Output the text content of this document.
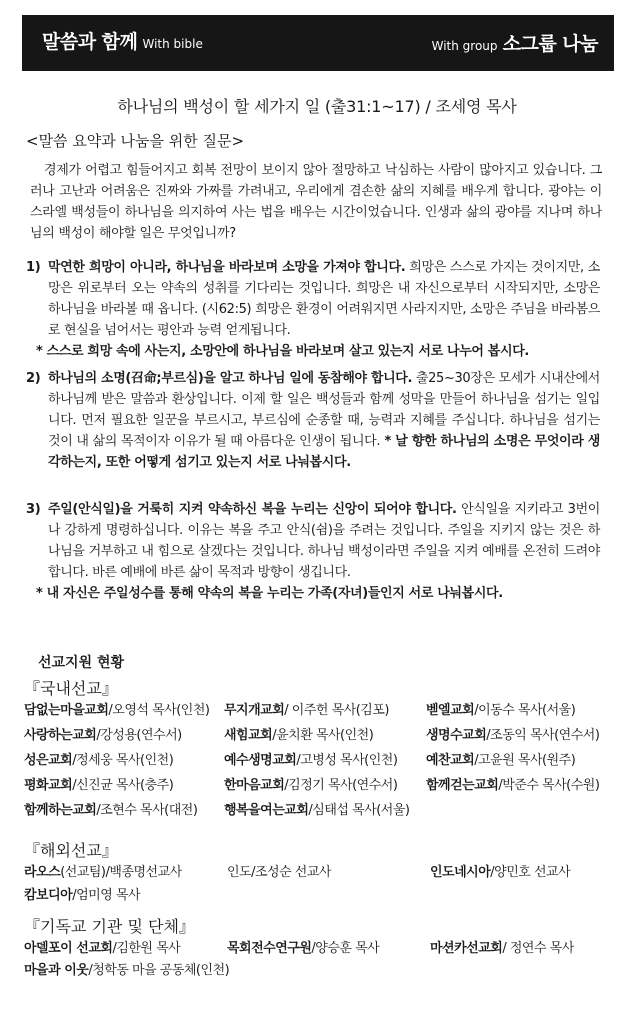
말씀과 함께 With bible	With group 소그룹 나눔
하나님의 백성이 할 세가지 일 (출31:1~17) / 조세영 목사
<말씀 요약과 나눔을 위한 질문>

경제가 어렵고 힘들어지고 회복 전망이 보이지 않아 절망하고 낙심하는 사람이 많아지고 있습니다. 그러나 고난과 어려움은 진짜와 가짜를 가려내고, 우리에게 겸손한 삶의 지혜를 배우게 합니다. 광야는 이스라엘 백성들이 하나님을 의지하여 사는 법을 배우는 시간이었습니다. 인생과 삶의 광야를 지나며 하나님의 백성이 해야할 일은 무엇입니까?

1) 막연한 희망이 아니라, 하나님을 바라보며 소망을 가져야 합니다. 희망은 스스로 가지는 것이지만, 소망은 위로부터 오는 약속의 성취를 기다리는 것입니다. 희망은 내 자신으로부터 시작되지만, 소망은 하나님을 바라볼 때 옵니다. (시62:5) 희망은 환경이 어려워지면 사라지지만, 소망은 주님을 바라봄으로 현실을 넘어서는 평안과 능력 얻게됩니다.
* 스스로 희망 속에 사는지, 소망안에 하나님을 바라보며 살고 있는지 서로 나누어 봅시다.
2) 하나님의 소명(召命;부르심)을 알고 하나님 일에 동참해야 합니다. 출25~30장은 모세가 시내산에서 하나님께 받은 말씀과 환상입니다. 이제 할 일은 백성들과 함께 성막을 만들어 하나님을 섬기는 일입니다. 먼저 필요한 일꾼을 부르시고, 부르심에 순종할 때, 능력과 지혜를 주십니다. 하나님을 섬기는 것이 내 삶의 목적이자 이유가 될 때 아름다운 인생이 됩니다. * 날 향한 하나님의 소명은 무엇이라 생각하는지, 또한 어떻게 섬기고 있는지 서로 나눠봅시다.
3) 주일(안식일)을 거룩히 지켜 약속하신 복을 누리는 신앙이 되어야 합니다. 안식일을 지키라고 3번이나 강하게 명령하십니다. 이유는 복을 주고 안식(쉼)을 주려는 것입니다. 주일을 지키지 않는 것은 하나님을 거부하고 내 힘으로 살겠다는 것입니다. 하나님 백성이라면 주일을 지켜 예배를 온전히 드려야 합니다. 바른 예배에 바른 삶이 목적과 방향이 생깁니다.
* 내 자신은 주일성수를 통해 약속의 복을 누리는 가족(자녀)들인지 서로 나눠봅시다.
선교지원 현황
『국내선교』
담없는마을교회/오영석 목사(인천) 무지개교회/ 이주헌 목사(김포)	벧엘교회/이동수 목사(서울)
사랑하는교회/강성용(연수서)	새힘교회/윤치환 목사(인천)	생명수교회/조동익 목사(연수서)
성은교회/정세웅 목사(인천)	예수생명교회/고병성 목사(인천) 예찬교회/고윤원 목사(원주)
평화교회/신진균 목사(충주)	한마음교회/김정기 목사(연수서) 함께걷는교회/박준수 목사(수원)
함께하는교회/조현수 목사(대전) 행복을여는교회/심태섭 목사(서울)
『해외선교』
라오스(선교팀)/백종명선교사	인도/조성순 선교사	인도네시아/양민호 선교사
캄보디아/엄미영 목사
『기독교 기관 및 단체』
아델포이 선교회/김한원 목사	목회전수연구원/양승훈 목사	마션카선교회/ 정연수 목사
마을과 이웃/청학동 마을 공동체(인천)
